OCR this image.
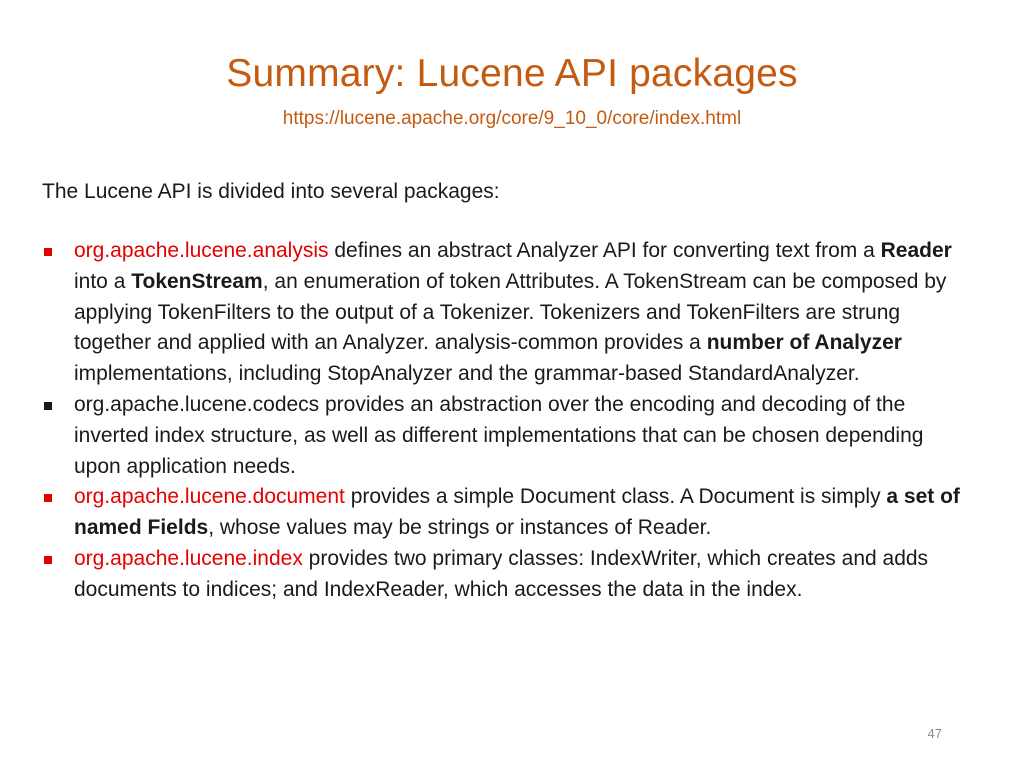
Summary: Lucene API packages
https://lucene.apache.org/core/9_10_0/core/index.html
The Lucene API is divided into several packages:
org.apache.lucene.analysis defines an abstract Analyzer API for converting text from a Reader into a TokenStream, an enumeration of token Attributes. A TokenStream can be composed by applying TokenFilters to the output of a Tokenizer. Tokenizers and TokenFilters are strung together and applied with an Analyzer. analysis-common provides a number of Analyzer implementations, including StopAnalyzer and the grammar-based StandardAnalyzer.
org.apache.lucene.codecs provides an abstraction over the encoding and decoding of the inverted index structure, as well as different implementations that can be chosen depending upon application needs.
org.apache.lucene.document provides a simple Document class. A Document is simply a set of named Fields, whose values may be strings or instances of Reader.
org.apache.lucene.index provides two primary classes: IndexWriter, which creates and adds documents to indices; and IndexReader, which accesses the data in the index.
47
